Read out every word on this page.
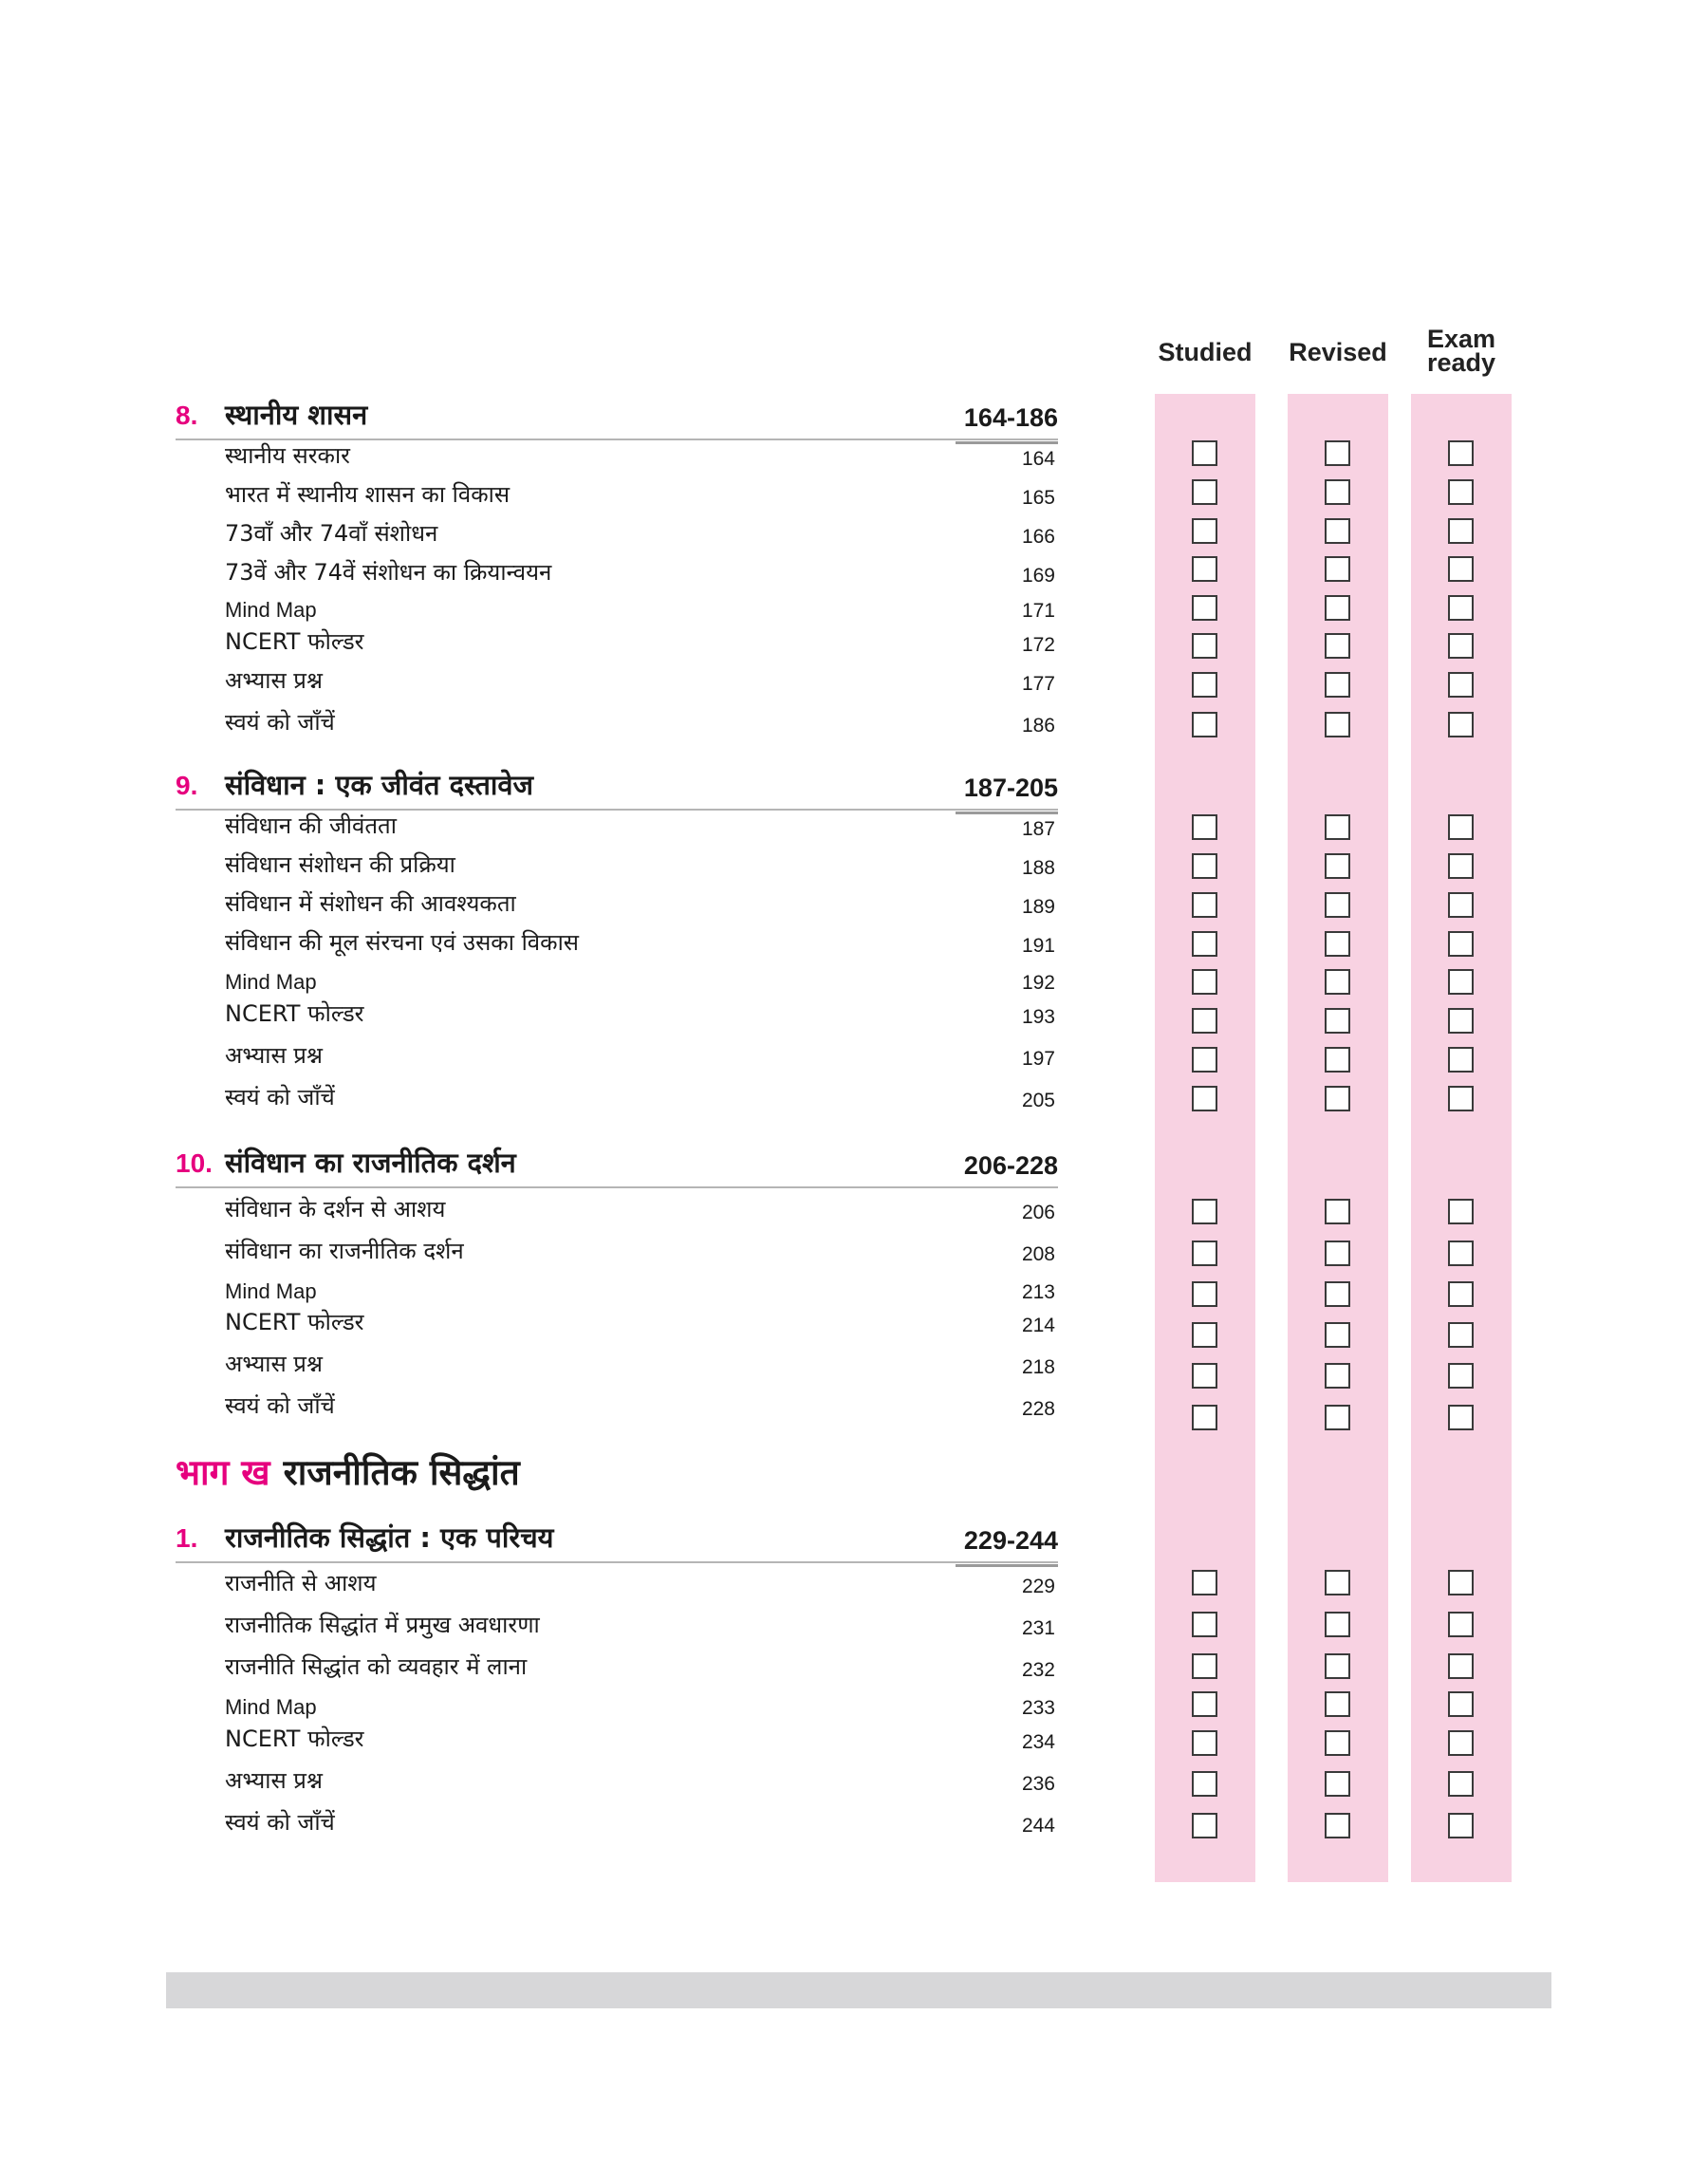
Studied	Revised	Exam
ready
8. स्थानीय शासन	164-186
स्थानीय सरकार	164
भारत में स्थानीय शासन का विकास	165
73वाँ और 74वाँ संशोधन	166
73वें और 74वें संशोधन का क्रियान्वयन	169
Mind Map	171
NCERT फोल्डर	172
अभ्यास प्रश्न	177
स्वयं को जाँचें	186
9. संविधान : एक जीवंत दस्तावेज	187-205
संविधान की जीवंतता	187
संविधान संशोधन की प्रक्रिया	188
संविधान में संशोधन की आवश्यकता	189
संविधान की मूल संरचना एवं उसका विकास	191
Mind Map	192
NCERT फोल्डर	193
अभ्यास प्रश्न	197
स्वयं को जाँचें	205
10. संविधान का राजनीतिक दर्शन	206-228
संविधान के दर्शन से आशय	206
संविधान का राजनीतिक दर्शन	208
Mind Map	213
NCERT फोल्डर	214
अभ्यास प्रश्न	218
स्वयं को जाँचें	228
भाग ख राजनीतिक सिद्धांत
1. राजनीतिक सिद्धांत : एक परिचय	229-244
राजनीति से आशय	229
राजनीतिक सिद्धांत में प्रमुख अवधारणा	231
राजनीति सिद्धांत को व्यवहार में लाना	232
Mind Map	233
NCERT फोल्डर	234
अभ्यास प्रश्न	236
स्वयं को जाँचें	244
